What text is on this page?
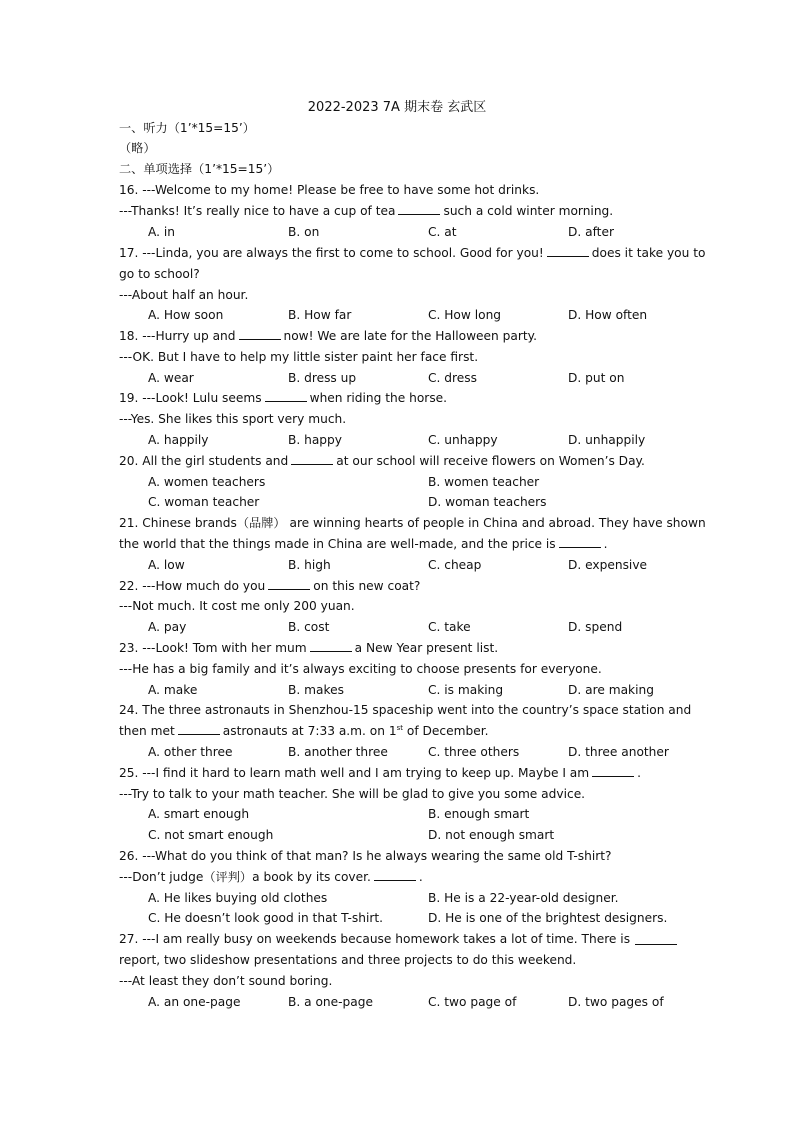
2022-2023 7A 期末卷 玄武区
一、听力（1’*15=15’）
（略）
二、单项选择（1’*15=15’）
16. ---Welcome to my home! Please be free to have some hot drinks.
---Thanks! It’s really nice to have a cup of tea	such a cold winter morning.
A. in	B. on	C. at	D. after
17. ---Linda, you are always the first to come to school. Good for you!	does it take you to
go to school?
---About half an hour.
A. How soon	B. How far	C. How long	D. How often
18. ---Hurry up and	now! We are late for the Halloween party.
---OK. But I have to help my little sister paint her face first.
A. wear	B. dress up	C. dress	D. put on
19. ---Look! Lulu seems	when riding the horse.
---Yes. She likes this sport very much.
A. happily	B. happy	C. unhappy	D. unhappily
20. All the girl students and	at our school will receive flowers on Women’s Day.
A. women teachers	B. women teacher
C. woman teacher	D. woman teachers
21. Chinese brands（品牌） are winning hearts of people in China and abroad. They have shown
the world that the things made in China are well-made, and the price is	.
A. low	B. high	C. cheap	D. expensive
22. ---How much do you	on this new coat?
---Not much. It cost me only 200 yuan.
A. pay	B. cost	C. take	D. spend
23. ---Look! Tom with her mum	a New Year present list.
---He has a big family and it’s always exciting to choose presents for everyone.
A. make	B. makes	C. is making	D. are making
24. The three astronauts in Shenzhou-15 spaceship went into the country’s space station and
then met	astronauts at 7:33 a.m. on 1st of December.
A. other three	B. another three	C. three others	D. three another
25. ---I find it hard to learn math well and I am trying to keep up. Maybe I am	.
---Try to talk to your math teacher. She will be glad to give you some advice.
A. smart enough	B. enough smart
C. not smart enough	D. not enough smart
26. ---What do you think of that man? Is he always wearing the same old T-shirt?
---Don’t judge（评判）a book by its cover.	.
A. He likes buying old clothes	B. He is a 22-year-old designer.
C. He doesn’t look good in that T-shirt.	D. He is one of the brightest designers.
27. ---I am really busy on weekends because homework takes a lot of time. There is
report, two slideshow presentations and three projects to do this weekend.
---At least they don’t sound boring.
A. an one-page	B. a one-page	C. two page of	D. two pages of
